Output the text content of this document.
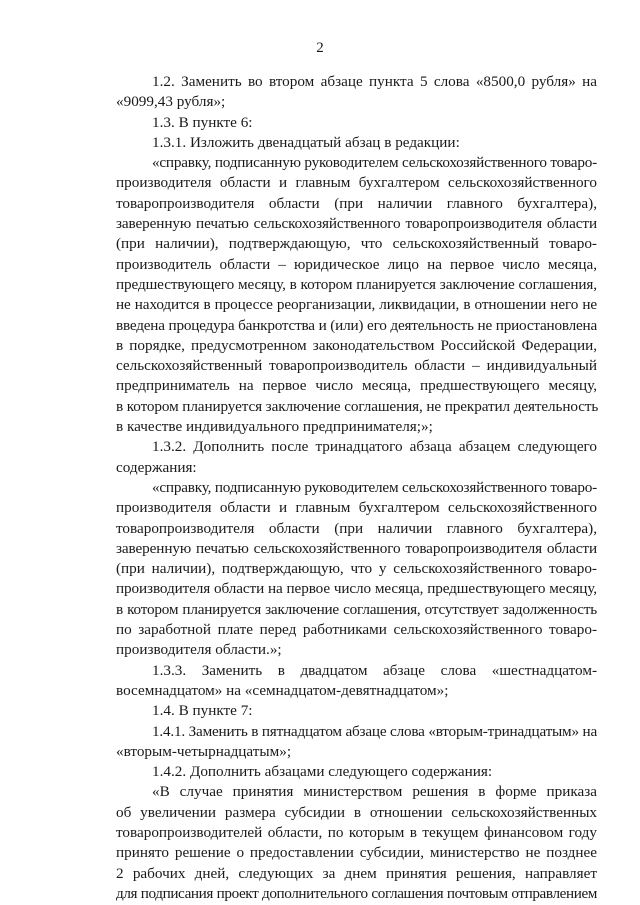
2
1.2. Заменить во втором абзаце пункта 5 слова «8500,0 рубля» на
«9099,43 рубля»;
1.3. В пункте 6:
1.3.1. Изложить двенадцатый абзац в редакции:
«справку, подписанную руководителем сельскохозяйственного товаро-
производителя области и главным бухгалтером сельскохозяйственного
товаропроизводителя области (при наличии главного бухгалтера),
заверенную печатью сельскохозяйственного товаропроизводителя области
(при наличии), подтверждающую, что сельскохозяйственный товаро-
производитель области – юридическое лицо на первое число месяца,
предшествующего месяцу, в котором планируется заключение соглашения,
не находится в процессе реорганизации, ликвидации, в отношении него не
введена процедура банкротства и (или) его деятельность не приостановлена
в порядке, предусмотренном законодательством Российской Федерации,
сельскохозяйственный товаропроизводитель области – индивидуальный
предприниматель на первое число месяца, предшествующего месяцу,
в котором планируется заключение соглашения, не прекратил деятельность
в качестве индивидуального предпринимателя;»;
1.3.2. Дополнить после тринадцатого абзаца абзацем следующего
содержания:
«справку, подписанную руководителем сельскохозяйственного товаро-
производителя области и главным бухгалтером сельскохозяйственного
товаропроизводителя области (при наличии главного бухгалтера),
заверенную печатью сельскохозяйственного товаропроизводителя области
(при наличии), подтверждающую, что у сельскохозяйственного товаро-
производителя области на первое число месяца, предшествующего месяцу,
в котором планируется заключение соглашения, отсутствует задолженность
по заработной плате перед работниками сельскохозяйственного товаро-
производителя области.»;
1.3.3. Заменить в двадцатом абзаце слова «шестнадцатом-
восемнадцатом» на «семнадцатом-девятнадцатом»;
1.4. В пункте 7:
1.4.1. Заменить в пятнадцатом абзаце слова «вторым-тринадцатым» на
«вторым-четырнадцатым»;
1.4.2. Дополнить абзацами следующего содержания:
«В случае принятия министерством решения в форме приказа
об увеличении размера субсидии в отношении сельскохозяйственных
товаропроизводителей области, по которым в текущем финансовом году
принято решение о предоставлении субсидии, министерство не позднее
2 рабочих дней, следующих за днем принятия решения, направляет
для подписания проект дополнительного соглашения почтовым отправлением
